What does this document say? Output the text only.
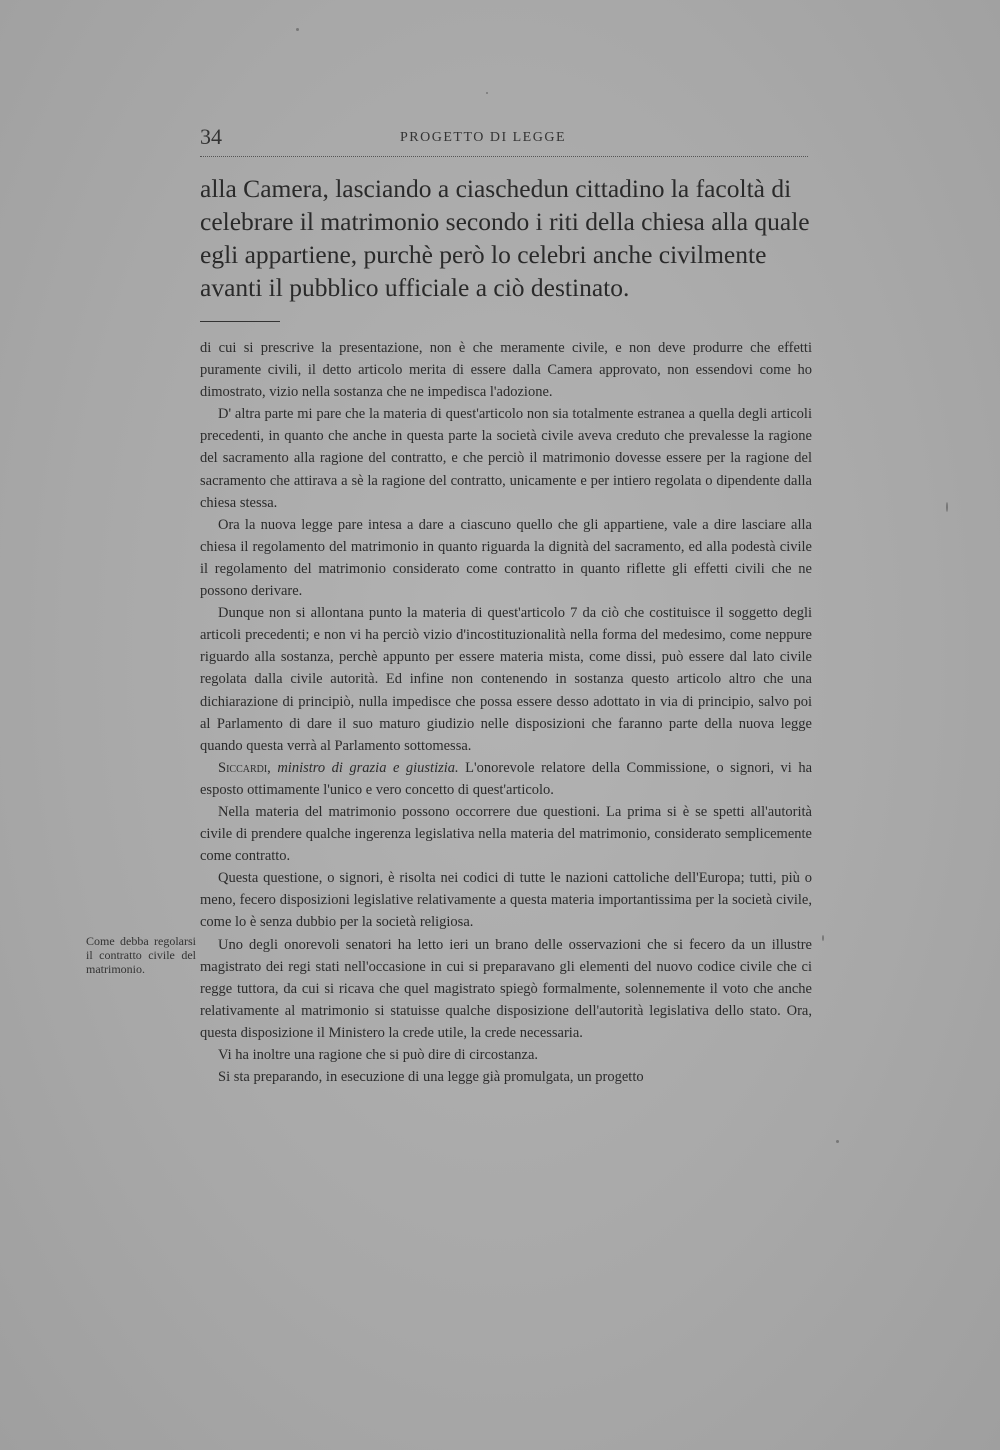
34	PROGETTO DI LEGGE

alla Camera, lasciando a ciaschedun cittadino la facoltà di celebrare il matrimonio secondo i riti della chiesa alla quale egli appartiene, purchè però lo celebri anche civilmente avanti il pubblico ufficiale a ciò destinato.

di cui si prescrive la presentazione, non è che meramente civile, e non deve produrre che effetti puramente civili, il detto articolo merita di essere dalla Camera approvato, non essendovi come ho dimostrato, vizio nella sostanza che ne impedisca l'adozione.

D' altra parte mi pare che la materia di quest'articolo non sia totalmente estranea a quella degli articoli precedenti, in quanto che anche in questa parte la società civile aveva creduto che prevalesse la ragione del sacramento alla ragione del contratto, e che perciò il matrimonio dovesse essere per la ragione del sacramento che attirava a sè la ragione del contratto, unicamente e per intiero regolata o dipendente dalla chiesa stessa.

Ora la nuova legge pare intesa a dare a ciascuno quello che gli appartiene, vale a dire lasciare alla chiesa il regolamento del matrimonio in quanto riguarda la dignità del sacramento, ed alla podestà civile il regolamento del matrimonio considerato come contratto in quanto riflette gli effetti civili che ne possono derivare.

Dunque non si allontana punto la materia di quest'articolo 7 da ciò che costituisce il soggetto degli articoli precedenti; e non vi ha perciò vizio d'incostituzionalità nella forma del medesimo, come neppure riguardo alla sostanza, perchè appunto per essere materia mista, come dissi, può essere dal lato civile regolata dalla civile autorità. Ed infine non contenendo in sostanza questo articolo altro che una dichiarazione di principiò, nulla impedisce che possa essere desso adottato in via di principio, salvo poi al Parlamento di dare il suo maturo giudizio nelle disposizioni che faranno parte della nuova legge quando questa verrà al Parlamento sottomessa.

Siccardi, ministro di grazia e giustizia. L'onorevole relatore della Commissione, o signori, vi ha esposto ottimamente l'unico e vero concetto di quest'articolo.

Nella materia del matrimonio possono occorrere due questioni. La prima si è se spetti all'autorità civile di prendere qualche ingerenza legislativa nella materia del matrimonio, considerato semplicemente come contratto.

Questa questione, o signori, è risolta nei codici di tutte le nazioni cattoliche dell'Europa; tutti, più o meno, fecero disposizioni legislative relativamente a questa materia importantissima per la società civile, come lo è senza dubbio per la società religiosa.

Uno degli onorevoli senatori ha letto ieri un brano delle osservazioni che si fecero da un illustre magistrato dei regi stati nell'occasione in cui si preparavano gli elementi del nuovo codice civile che ci regge tuttora, da cui si ricava che quel magistrato spiegò formalmente, solennemente il voto che anche relativamente al matrimonio si statuisse qualche disposizione dell'autorità legislativa dello stato. Ora, questa disposizione il Ministero la crede utile, la crede necessaria.

Vi ha inoltre una ragione che si può dire di circostanza.

Si sta preparando, in esecuzione di una legge già promulgata, un progetto

Come debba regolarsi il contratto civile del matrimonio.
